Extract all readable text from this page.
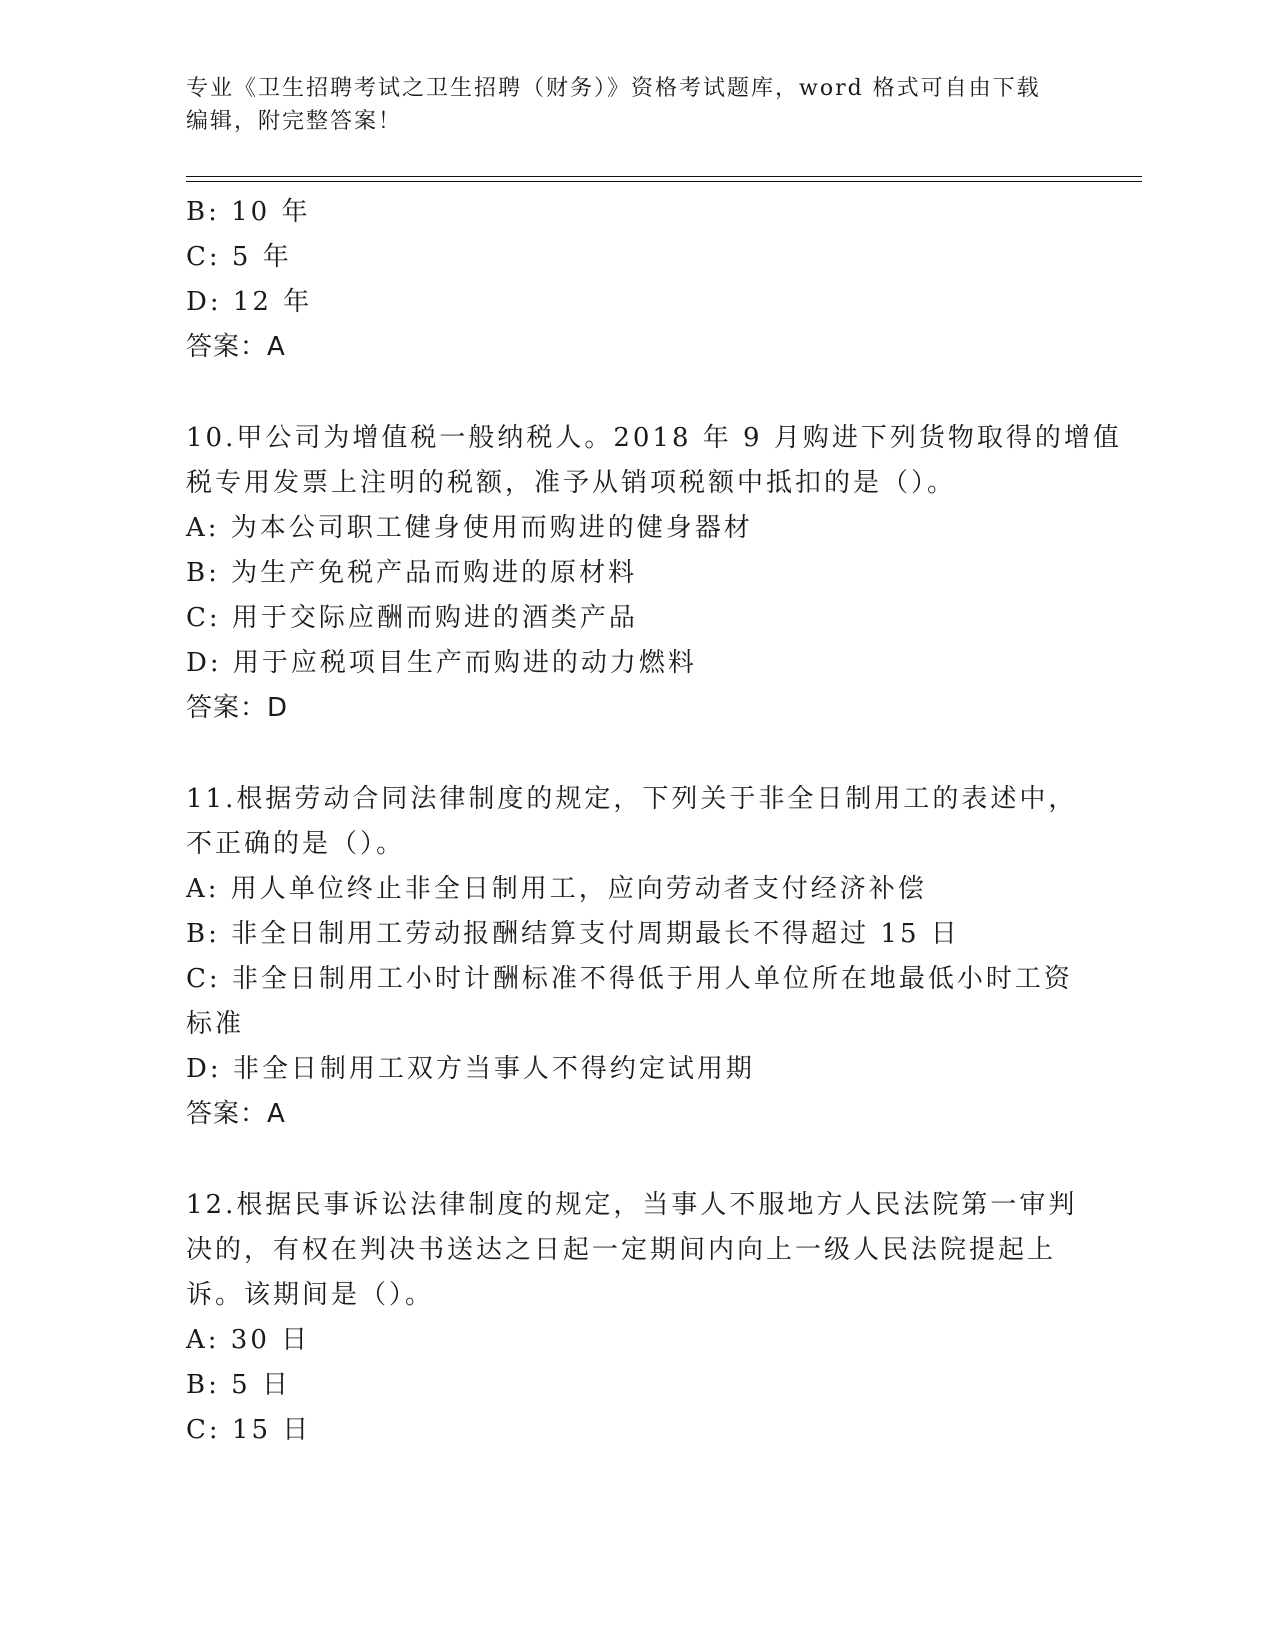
专业《卫生招聘考试之卫生招聘（财务）》资格考试题库，word 格式可自由下载
编辑，附完整答案！
B: 10 年
C: 5 年
D: 12 年
答案：A
10.甲公司为增值税一般纳税人。2018 年 9 月购进下列货物取得的增值
税专用发票上注明的税额，准予从销项税额中抵扣的是（）。
A: 为本公司职工健身使用而购进的健身器材
B: 为生产免税产品而购进的原材料
C: 用于交际应酬而购进的酒类产品
D: 用于应税项目生产而购进的动力燃料
答案：D
11.根据劳动合同法律制度的规定，下列关于非全日制用工的表述中，
不正确的是（）。
A: 用人单位终止非全日制用工，应向劳动者支付经济补偿
B: 非全日制用工劳动报酬结算支付周期最长不得超过 15 日
C: 非全日制用工小时计酬标准不得低于用人单位所在地最低小时工资
标准
D: 非全日制用工双方当事人不得约定试用期
答案：A
12.根据民事诉讼法律制度的规定，当事人不服地方人民法院第一审判
决的，有权在判决书送达之日起一定期间内向上一级人民法院提起上
诉。该期间是（）。
A: 30 日
B: 5 日
C: 15 日
